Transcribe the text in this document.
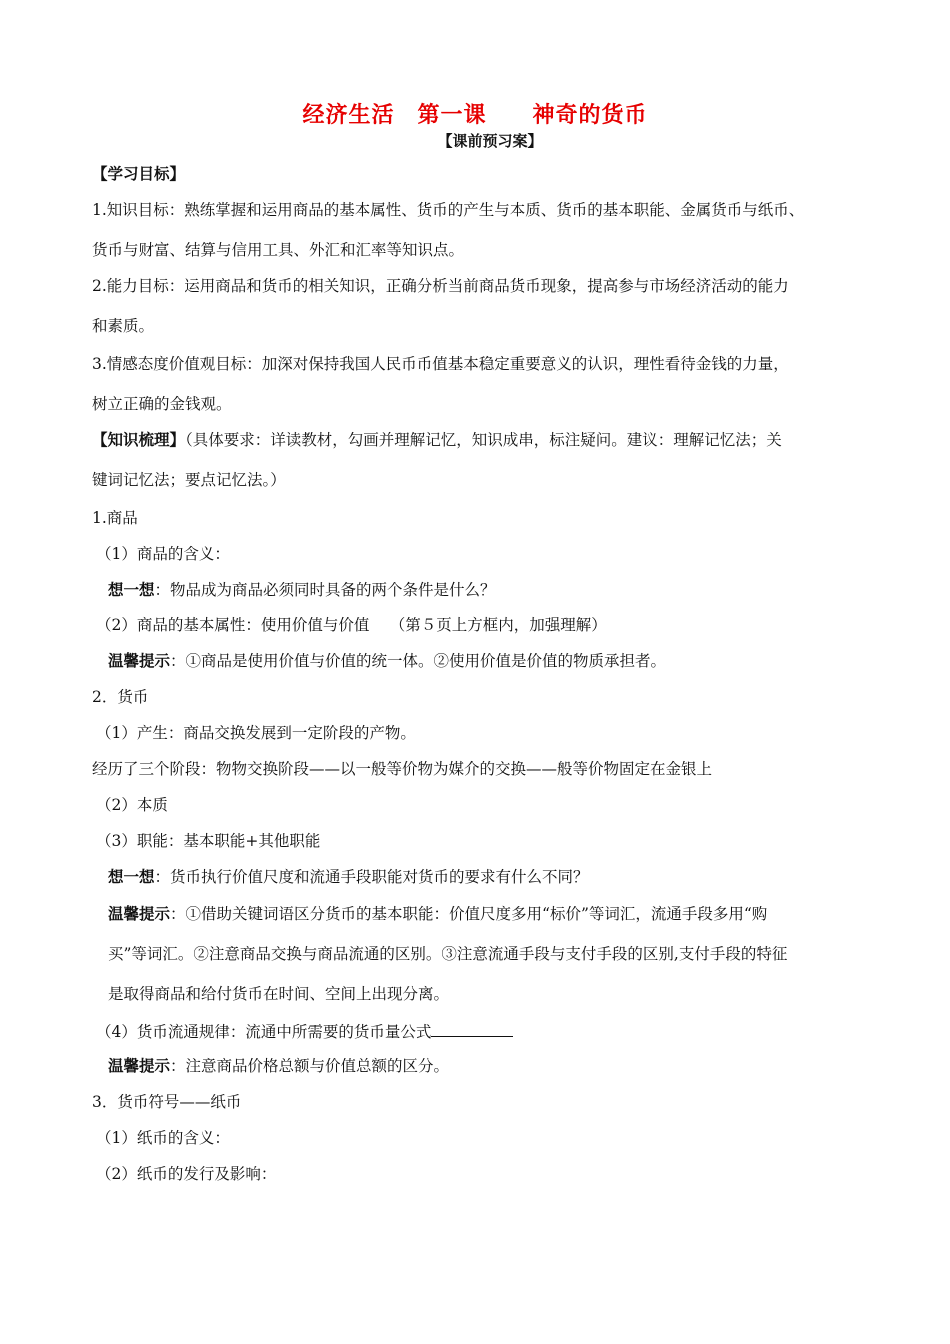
经济生活　第一课　　神奇的货币
【课前预习案】
【学习目标】
1.知识目标：熟练掌握和运用商品的基本属性、货币的产生与本质、货币的基本职能、金属货币与纸币、
货币与财富、结算与信用工具、外汇和汇率等知识点。
2.能力目标：运用商品和货币的相关知识，正确分析当前商品货币现象，提高参与市场经济活动的能力
和素质。
3.情感态度价值观目标：加深对保持我国人民币币值基本稳定重要意义的认识，理性看待金钱的力量，
树立正确的金钱观。
【知识梳理】（具体要求：详读教材，勾画并理解记忆，知识成串，标注疑问。建议：理解记忆法；关
键词记忆法；要点记忆法。）
1.商品
（1）商品的含义：
想一想：物品成为商品必须同时具备的两个条件是什么？
（2）商品的基本属性：使用价值与价值　 （第５页上方框内，加强理解）
温馨提示：①商品是使用价值与价值的统一体。②使用价值是价值的物质承担者。
2．货币
（1）产生：商品交换发展到一定阶段的产物。
经历了三个阶段：物物交换阶段——以一般等价物为媒介的交换——般等价物固定在金银上
（2）本质
（3）职能：基本职能+其他职能
想一想：货币执行价值尺度和流通手段职能对货币的要求有什么不同？
温馨提示：①借助关键词语区分货币的基本职能：价值尺度多用“标价”等词汇，流通手段多用“购
买”等词汇。②注意商品交换与商品流通的区别。③注意流通手段与支付手段的区别,支付手段的特征
是取得商品和给付货币在时间、空间上出现分离。
（4）货币流通规律：流通中所需要的货币量公式
温馨提示：注意商品价格总额与价值总额的区分。
3．货币符号——纸币
（1）纸币的含义：
（2）纸币的发行及影响：
